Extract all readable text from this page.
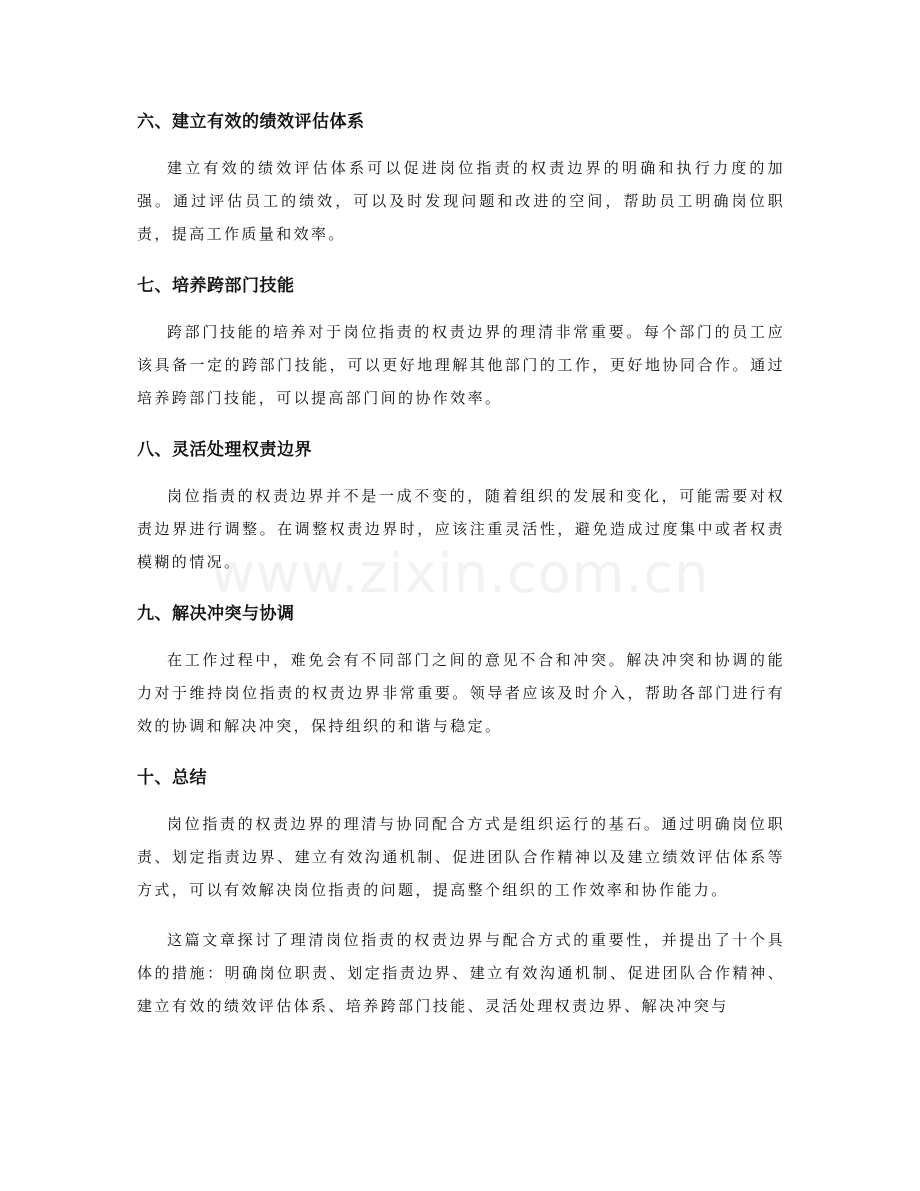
www.zixin.com.cn
六、建立有效的绩效评估体系

建立有效的绩效评估体系可以促进岗位指责的权责边界的明确和执行力度的加强。通过评估员工的绩效，可以及时发现问题和改进的空间，帮助员工明确岗位职责，提高工作质量和效率。

七、培养跨部门技能

跨部门技能的培养对于岗位指责的权责边界的理清非常重要。每个部门的员工应该具备一定的跨部门技能，可以更好地理解其他部门的工作，更好地协同合作。通过培养跨部门技能，可以提高部门间的协作效率。

八、灵活处理权责边界

岗位指责的权责边界并不是一成不变的，随着组织的发展和变化，可能需要对权责边界进行调整。在调整权责边界时，应该注重灵活性，避免造成过度集中或者权责模糊的情况。

九、解决冲突与协调

在工作过程中，难免会有不同部门之间的意见不合和冲突。解决冲突和协调的能力对于维持岗位指责的权责边界非常重要。领导者应该及时介入，帮助各部门进行有效的协调和解决冲突，保持组织的和谐与稳定。

十、总结

岗位指责的权责边界的理清与协同配合方式是组织运行的基石。通过明确岗位职责、划定指责边界、建立有效沟通机制、促进团队合作精神以及建立绩效评估体系等方式，可以有效解决岗位指责的问题，提高整个组织的工作效率和协作能力。

这篇文章探讨了理清岗位指责的权责边界与配合方式的重要性，并提出了十个具体的措施：明确岗位职责、划定指责边界、建立有效沟通机制、促进团队合作精神、建立有效的绩效评估体系、培养跨部门技能、灵活处理权责边界、解决冲突与
